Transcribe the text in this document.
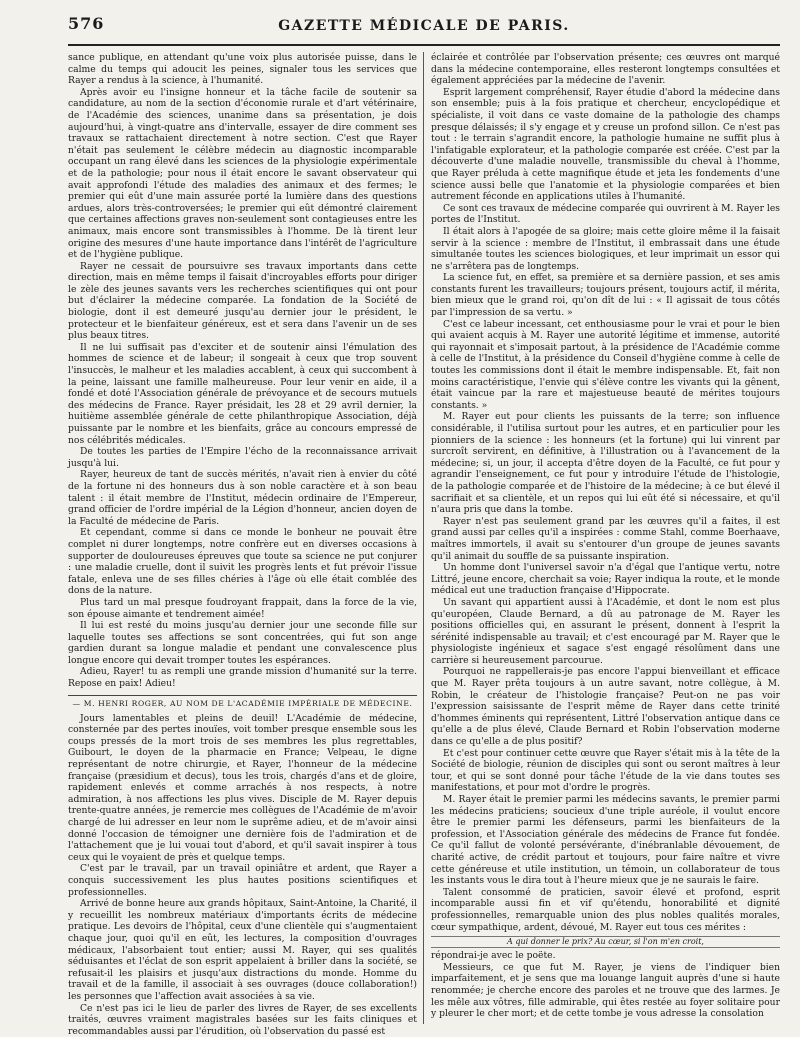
576	GAZETTE MÉDICALE DE PARIS.

sance publique, en attendant qu'une voix plus autorisée puisse, dans le calme du temps qui adoucit les peines, signaler tous les services que Rayer a rendus à la science, à l'humanité.

Après avoir eu l'insigne honneur et la tâche facile de soutenir sa candidature, au nom de la section d'économie rurale et d'art vétérinaire, de l'Académie des sciences, unanime dans sa présentation, je dois aujourd'hui, à vingt-quatre ans d'intervalle, essayer de dire comment ses travaux se rattachaient directement à notre section. C'est que Rayer n'était pas seulement le célèbre médecin au diagnostic incomparable occupant un rang élevé dans les sciences de la physiologie expérimentale et de la pathologie; pour nous il était encore le savant observateur qui avait approfondi l'étude des maladies des animaux et des fermes; le premier qui eût d'une main assurée porté la lumière dans des questions ardues, alors très-controversées; le premier qui eût démontré clairement que certaines affections graves non-seulement sont contagieuses entre les animaux, mais encore sont transmissibles à l'homme. De là tirent leur origine des mesures d'une haute importance dans l'intérêt de l'agriculture et de l'hygiène publique.

Rayer ne cessait de poursuivre ses travaux importants dans cette direction, mais en même temps il faisait d'incroyables efforts pour diriger le zèle des jeunes savants vers les recherches scientifiques qui ont pour but d'éclairer la médecine comparée. La fondation de la Société de biologie, dont il est demeuré jusqu'au dernier jour le président, le protecteur et le bienfaiteur généreux, est et sera dans l'avenir un de ses plus beaux titres.

Il ne lui suffisait pas d'exciter et de soutenir ainsi l'émulation des hommes de science et de labeur; il songeait à ceux que trop souvent l'insuccès, le malheur et les maladies accablent, à ceux qui succombent à la peine, laissant une famille malheureuse. Pour leur venir en aide, il a fondé et doté l'Association générale de prévoyance et de secours mutuels des médecins de France. Rayer présidait, les 28 et 29 avril dernier, la huitième assemblée générale de cette philanthropique Association, déjà puissante par le nombre et les bienfaits, grâce au concours empressé de nos célébrités médicales.

De toutes les parties de l'Empire l'écho de la reconnaissance arrivait jusqu'à lui.

Rayer, heureux de tant de succès mérités, n'avait rien à envier du côté de la fortune ni des honneurs dus à son noble caractère et à son beau talent : il était membre de l'Institut, médecin ordinaire de l'Empereur, grand officier de l'ordre impérial de la Légion d'honneur, ancien doyen de la Faculté de médecine de Paris.

Et cependant, comme si dans ce monde le bonheur ne pouvait être complet ni durer longtemps, notre confrère eut en diverses occasions à supporter de douloureuses épreuves que toute sa science ne put conjurer : une maladie cruelle, dont il suivit les progrès lents et fut prévoir l'issue fatale, enleva une de ses filles chéries à l'âge où elle était comblée des dons de la nature.

Plus tard un mal presque foudroyant frappait, dans la force de la vie, son épouse aimante et tendrement aimée!

Il lui est resté du moins jusqu'au dernier jour une seconde fille sur laquelle toutes ses affections se sont concentrées, qui fut son ange gardien durant sa longue maladie et pendant une convalescence plus longue encore qui devait tromper toutes les espérances.

Adieu, Rayer! tu as rempli une grande mission d'humanité sur la terre. Repose en paix! Adieu!

— M. HENRI ROGER, AU NOM DE L'ACADÉMIE IMPÉRIALE DE MÉDECINE.

Jours lamentables et pleins de deuil! L'Académie de médecine, consternée par des pertes inouïes, voit tomber presque ensemble sous les coups pressés de la mort trois de ses membres les plus regrettables, Guibourt, le doyen de la pharmacie en France; Velpeau, le digne représentant de notre chirurgie, et Rayer, l'honneur de la médecine française (præsidium et decus), tous les trois, chargés d'ans et de gloire, rapidement enlevés et comme arrachés à nos respects, à notre admiration, à nos affections les plus vives. Disciple de M. Rayer depuis trente-quatre années, je remercie mes collègues de l'Académie de m'avoir chargé de lui adresser en leur nom le suprême adieu, et de m'avoir ainsi donné l'occasion de témoigner une dernière fois de l'admiration et de l'attachement que je lui vouai tout d'abord, et qu'il savait inspirer à tous ceux qui le voyaient de près et quelque temps.

C'est par le travail, par un travail opiniâtre et ardent, que Rayer a conquis successivement les plus hautes positions scientifiques et professionnelles.

Arrivé de bonne heure aux grands hôpitaux, Saint-Antoine, la Charité, il y recueillit les nombreux matériaux d'importants écrits de médecine pratique. Les devoirs de l'hôpital, ceux d'une clientèle qui s'augmentaient chaque jour, quoi qu'il en eût, les lectures, la composition d'ouvrages médicaux, l'absorbaient tout entier; aussi M. Rayer, qui ses qualités séduisantes et l'éclat de son esprit appelaient à briller dans la société, se refusait-il les plaisirs et jusqu'aux distractions du monde. Homme du travail et de la famille, il associait à ses ouvrages (douce collaboration!) les personnes que l'affection avait associées à sa vie.

Ce n'est pas ici le lieu de parler des livres de Rayer, de ses excellents traités, œuvres vraiment magistrales basées sur les faits cliniques et recommandables aussi par l'érudition, où l'observation du passé est

éclairée et contrôlée par l'observation présente; ces œuvres ont marqué dans la médecine contemporaine, elles resteront longtemps consultées et également appréciées par la médecine de l'avenir.

Esprit largement compréhensif, Rayer étudie d'abord la médecine dans son ensemble; puis à la fois pratique et chercheur, encyclopédique et spécialiste, il voit dans ce vaste domaine de la pathologie des champs presque délaissés; il s'y engage et y creuse un profond sillon. Ce n'est pas tout : le terrain s'agrandit encore, la pathologie humaine ne suffit plus à l'infatigable explorateur, et la pathologie comparée est créée. C'est par la découverte d'une maladie nouvelle, transmissible du cheval à l'homme, que Rayer préluda à cette magnifique étude et jeta les fondements d'une science aussi belle que l'anatomie et la physiologie comparées et bien autrement féconde en applications utiles à l'humanité.

Ce sont ces travaux de médecine comparée qui ouvrirent à M. Rayer les portes de l'Institut.

Il était alors à l'apogée de sa gloire; mais cette gloire même il la faisait servir à la science : membre de l'Institut, il embrassait dans une étude simultanée toutes les sciences biologiques, et leur imprimait un essor qui ne s'arrêtera pas de longtemps.

La science fut, en effet, sa première et sa dernière passion, et ses amis constants furent les travailleurs; toujours présent, toujours actif, il mérita, bien mieux que le grand roi, qu'on dît de lui : « Il agissait de tous côtés par l'impression de sa vertu. »

C'est ce labeur incessant, cet enthousiasme pour le vrai et pour le bien qui avaient acquis à M. Rayer une autorité légitime et immense, autorité qui rayonnait et s'imposait partout, à la présidence de l'Académie comme à celle de l'Institut, à la présidence du Conseil d'hygiène comme à celle de toutes les commissions dont il était le membre indispensable. Et, fait non moins caractéristique, l'envie qui s'élève contre les vivants qui la gênent, était vaincue par la rare et majestueuse beauté de mérites toujours constants. »

M. Rayer eut pour clients les puissants de la terre; son influence considérable, il l'utilisa surtout pour les autres, et en particulier pour les pionniers de la science : les honneurs (et la fortune) qui lui vinrent par surcroît servirent, en définitive, à l'illustration ou à l'avancement de la médecine; si, un jour, il accepta d'être doyen de la Faculté, ce fut pour y agrandir l'enseignement, ce fut pour y introduire l'étude de l'histologie, de la pathologie comparée et de l'histoire de la médecine; à ce but élevé il sacrifiait et sa clientèle, et un repos qui lui eût été si nécessaire, et qu'il n'aura pris que dans la tombe.

Rayer n'est pas seulement grand par les œuvres qu'il a faites, il est grand aussi par celles qu'il a inspirées : comme Stahl, comme Boerhaave, maîtres immortels, il avait su s'entourer d'un groupe de jeunes savants qu'il animait du souffle de sa puissante inspiration.

Un homme dont l'universel savoir n'a d'égal que l'antique vertu, notre Littré, jeune encore, cherchait sa voie; Rayer indiqua la route, et le monde médical eut une traduction française d'Hippocrate.

Un savant qui appartient aussi à l'Académie, et dont le nom est plus qu'européen, Claude Bernard, a dû au patronage de M. Rayer les positions officielles qui, en assurant le présent, donnent à l'esprit la sérénité indispensable au travail; et c'est encouragé par M. Rayer que le physiologiste ingénieux et sagace s'est engagé résolûment dans une carrière si heureusement parcourue.

Pourquoi ne rappellerais-je pas encore l'appui bienveillant et efficace que M. Rayer prêta toujours à un autre savant, notre collègue, à M. Robin, le créateur de l'histologie française? Peut-on ne pas voir l'expression saisissante de l'esprit même de Rayer dans cette trinité d'hommes éminents qui représentent, Littré l'observation antique dans ce qu'elle a de plus élevé, Claude Bernard et Robin l'observation moderne dans ce qu'elle a de plus positif?

Et c'est pour continuer cette œuvre que Rayer s'était mis à la tête de la Société de biologie, réunion de disciples qui sont ou seront maîtres à leur tour, et qui se sont donné pour tâche l'étude de la vie dans toutes ses manifestations, et pour mot d'ordre le progrès.

M. Rayer était le premier parmi les médecins savants, le premier parmi les médecins praticiens; soucieux d'une triple auréole, il voulut encore être le premier parmi les défenseurs, parmi les bienfaiteurs de la profession, et l'Association générale des médecins de France fut fondée. Ce qu'il fallut de volonté persévérante, d'inébranlable dévouement, de charité active, de crédit partout et toujours, pour faire naître et vivre cette généreuse et utile institution, un témoin, un collaborateur de tous les instants vous le dira tout à l'heure mieux que je ne saurais le faire.

Talent consommé de praticien, savoir élevé et profond, esprit incomparable aussi fin et vif qu'étendu, honorabilité et dignité professionnelles, remarquable union des plus nobles qualités morales, cœur sympathique, ardent, dévoué, M. Rayer eut tous ces mérites :

A qui donner le prix? Au cœur, si l'on m'en croit,

répondrai-je avec le poëte.

Messieurs, ce que fut M. Rayer, je viens de l'indiquer bien imparfaitement, et je sens que ma louange languit auprès d'une si haute renommée; je cherche encore des paroles et ne trouve que des larmes. Je les mêle aux vôtres, fille admirable, qui êtes restée au foyer solitaire pour y pleurer le cher mort; et de cette tombe je vous adresse la consolation
